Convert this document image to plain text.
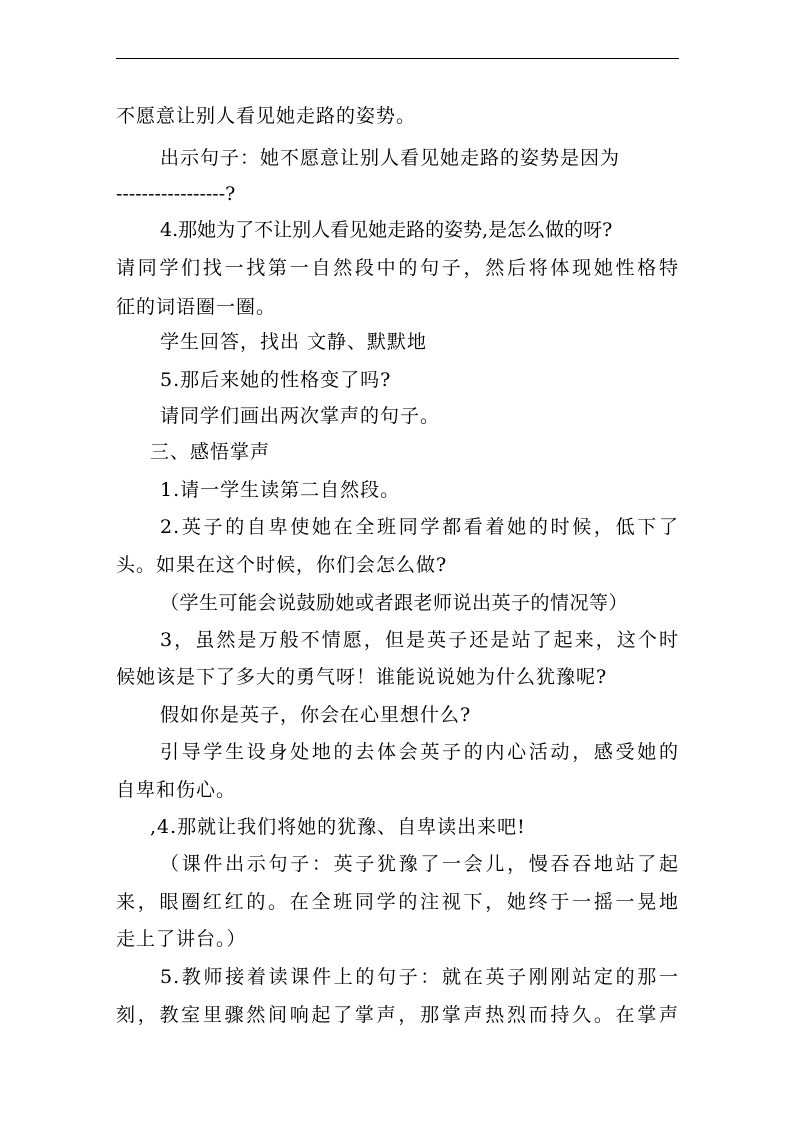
不愿意让别人看见她走路的姿势。
出示句子：她不愿意让别人看见她走路的姿势是因为
-----------------?
4.那她为了不让别人看见她走路的姿势,是怎么做的呀?
请同学们找一找第一自然段中的句子，然后将体现她性格特
征的词语圈一圈。
学生回答，找出 文静、默默地
5.那后来她的性格变了吗?
请同学们画出两次掌声的句子。
三、感悟掌声
1.请一学生读第二自然段。
2.英子的自卑使她在全班同学都看着她的时候，低下了
头。如果在这个时候，你们会怎么做?
（学生可能会说鼓励她或者跟老师说出英子的情况等）
3，虽然是万般不情愿，但是英子还是站了起来，这个时
候她该是下了多大的勇气呀！谁能说说她为什么犹豫呢?
假如你是英子，你会在心里想什么?
引导学生设身处地的去体会英子的内心活动，感受她的
自卑和伤心。
,4.那就让我们将她的犹豫、自卑读出来吧!
（课件出示句子：英子犹豫了一会儿，慢吞吞地站了起
来，眼圈红红的。在全班同学的注视下，她终于一摇一晃地
走上了讲台。）
5.教师接着读课件上的句子：就在英子刚刚站定的那一
刻，教室里骤然间响起了掌声，那掌声热烈而持久。在掌声
